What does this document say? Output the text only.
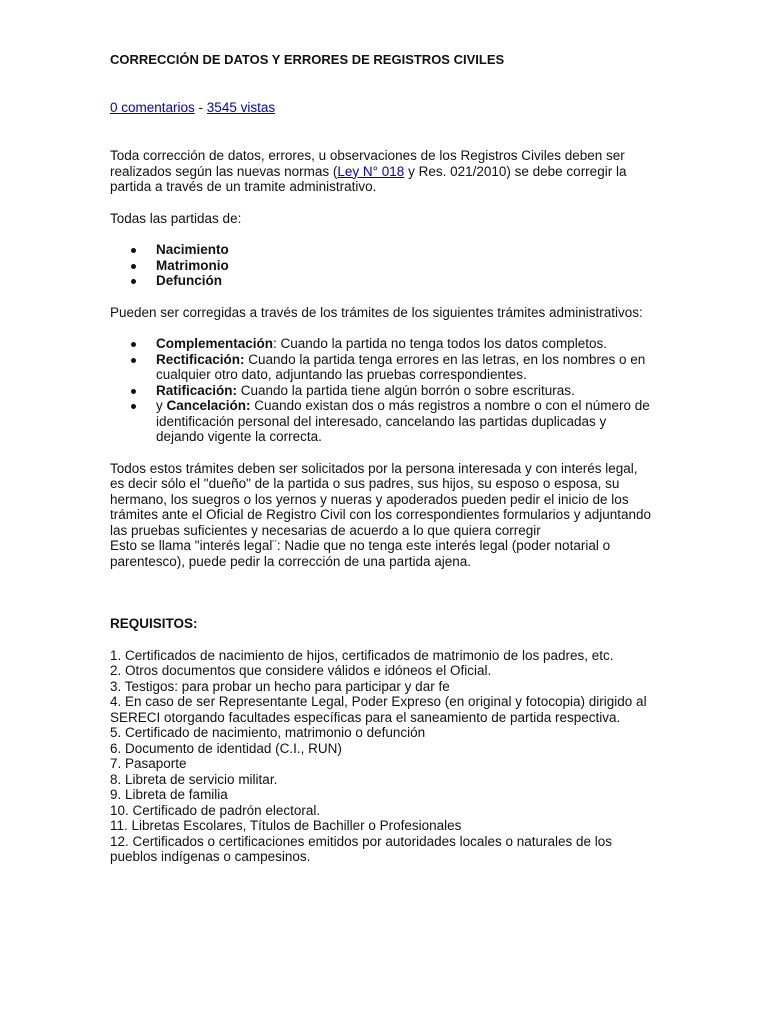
CORRECCIÓN DE DATOS Y ERRORES DE REGISTROS CIVILES
0 comentarios - 3545 vistas

Toda corrección de datos, errores, u observaciones de los Registros Civiles deben ser realizados según las nuevas normas (Ley N° 018 y Res. 021/2010) se debe corregir la partida a través de un tramite administrativo.

Todas las partidas de:

Nacimiento
Matrimonio
Defunción

Pueden ser corregidas a través de los trámites de los siguientes trámites administrativos:

Complementación: Cuando la partida no tenga todos los datos completos.
Rectificación: Cuando la partida tenga errores en las letras, en los nombres o en cualquier otro dato, adjuntando las pruebas correspondientes.
Ratificación: Cuando la partida tiene algún borrón o sobre escrituras.
y Cancelación: Cuando existan dos o más registros a nombre o con el número de identificación personal del interesado, cancelando las partidas duplicadas y dejando vigente la correcta.

Todos estos trámites deben ser solicitados por la persona interesada y con interés legal, es decir sólo el "dueño" de la partida o sus padres, sus hijos, su esposo o esposa, su hermano, los suegros o los yernos y nueras y apoderados pueden pedir el inicio de los trámites ante el Oficial de Registro Civil con los correspondientes formularios y adjuntando las pruebas suficientes y necesarias de acuerdo a lo que quiera corregir
Esto se llama "interés legal¨: Nadie que no tenga este interés legal (poder notarial o parentesco), puede pedir la corrección de una partida ajena.

REQUISITOS:

1. Certificados de nacimiento de hijos, certificados de matrimonio de los padres, etc.
2. Otros documentos que considere válidos e idóneos el Oficial.
3. Testigos: para probar un hecho para participar y dar fe
4. En caso de ser Representante Legal, Poder Expreso (en original y fotocopia) dirigido al SERECI otorgando facultades específicas para el saneamiento de partida respectiva.
5. Certificado de nacimiento, matrimonio o defunción
6. Documento de identidad (C.I., RUN)
7. Pasaporte
8. Libreta de servicio militar.
9. Libreta de familia
10. Certificado de padrón electoral.
11. Libretas Escolares, Títulos de Bachiller o Profesionales
12. Certificados o certificaciones emitidos por autoridades locales o naturales de los pueblos indígenas o campesinos.
